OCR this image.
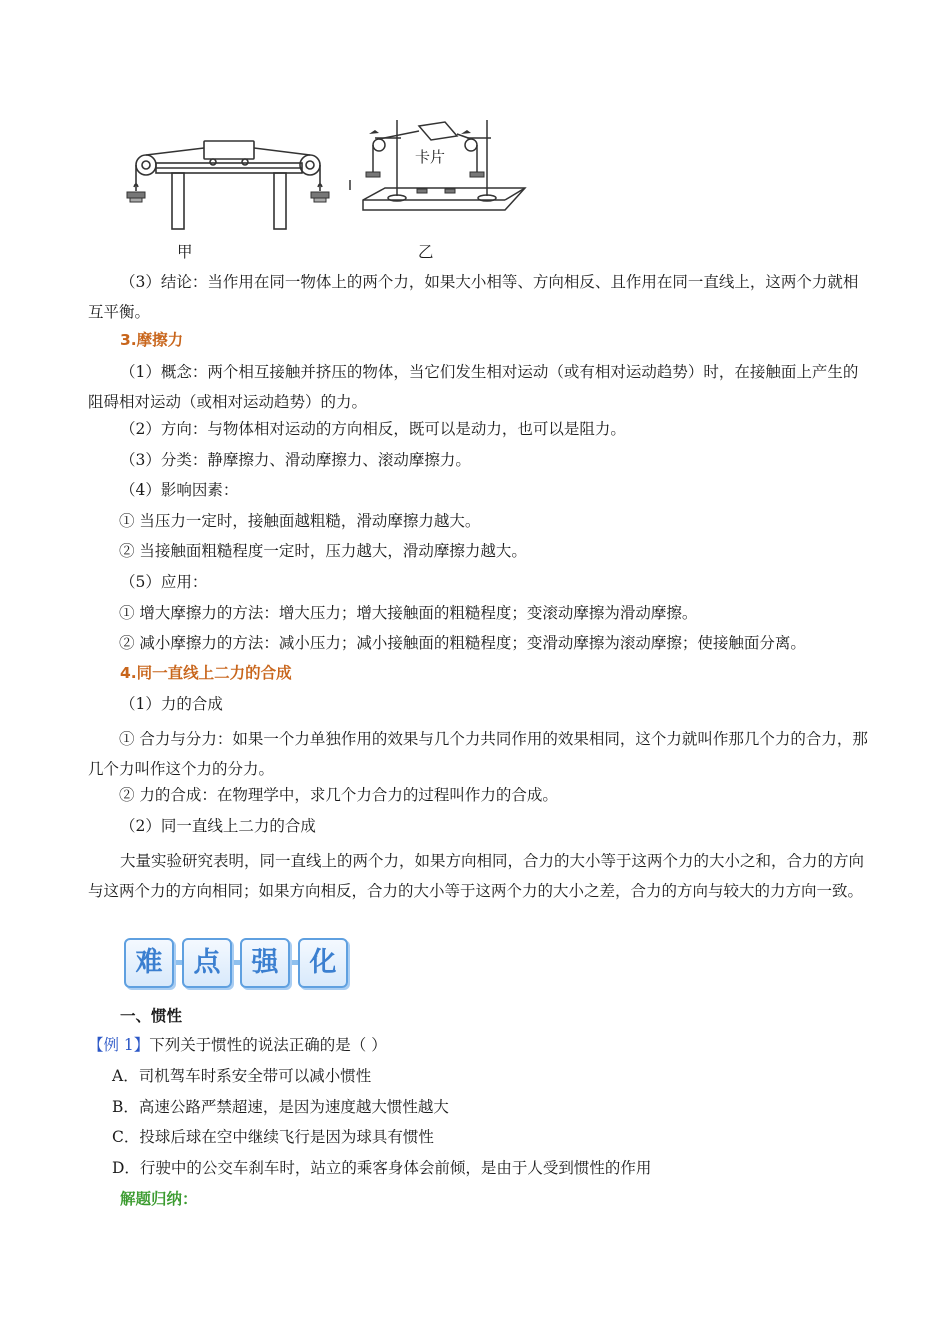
卡片
甲	乙
（3）结论：当作用在同一物体上的两个力，如果大小相等、方向相反、且作用在同一直线上，这两个力就相互平衡。
3.摩擦力
（1）概念：两个相互接触并挤压的物体，当它们发生相对运动（或有相对运动趋势）时，在接触面上产生的阻碍相对运动（或相对运动趋势）的力。
（2）方向：与物体相对运动的方向相反，既可以是动力，也可以是阻力。
（3）分类：静摩擦力、滑动摩擦力、滚动摩擦力。
（4）影响因素：
① 当压力一定时，接触面越粗糙，滑动摩擦力越大。
② 当接触面粗糙程度一定时，压力越大，滑动摩擦力越大。
（5）应用：
① 增大摩擦力的方法：增大压力；增大接触面的粗糙程度；变滚动摩擦为滑动摩擦。
② 减小摩擦力的方法：减小压力；减小接触面的粗糙程度；变滑动摩擦为滚动摩擦；使接触面分离。
4.同一直线上二力的合成
（1）力的合成
① 合力与分力：如果一个力单独作用的效果与几个力共同作用的效果相同，这个力就叫作那几个力的合力，那几个力叫作这个力的分力。
② 力的合成：在物理学中，求几个力合力的过程叫作力的合成。
（2）同一直线上二力的合成
大量实验研究表明，同一直线上的两个力，如果方向相同，合力的大小等于这两个力的大小之和，合力的方向与这两个力的方向相同；如果方向相反，合力的大小等于这两个力的大小之差，合力的方向与较大的力方向一致。
难	点	强	化
一、惯性
【例 1】下列关于惯性的说法正确的是（ ）
A．司机驾车时系安全带可以减小惯性
B．高速公路严禁超速，是因为速度越大惯性越大
C．投球后球在空中继续飞行是因为球具有惯性
D．行驶中的公交车刹车时，站立的乘客身体会前倾，是由于人受到惯性的作用
解题归纳：
